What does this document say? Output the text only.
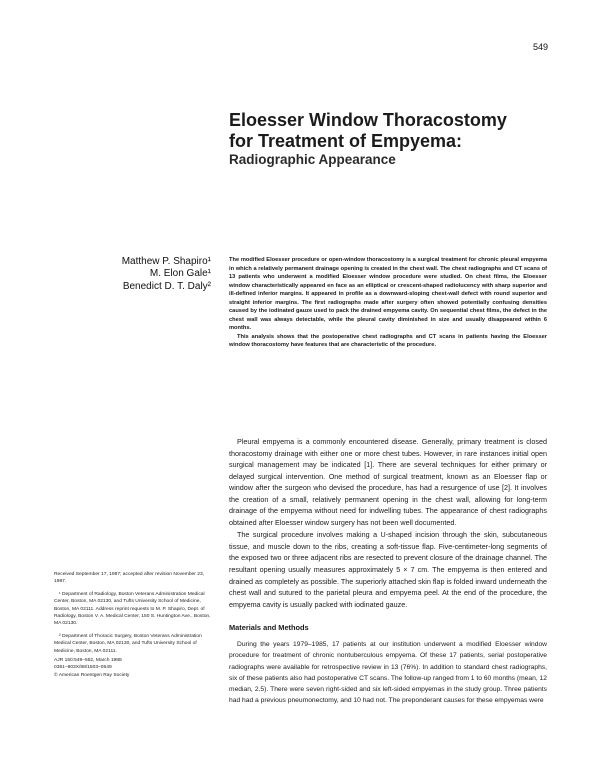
549
Eloesser Window Thoracostomy
for Treatment of Empyema:
Radiographic Appearance
Matthew P. Shapiro¹
M. Elon Gale¹
Benedict D. T. Daly²

The modified Eloesser procedure or open-window thoracostomy is a surgical treatment for chronic pleural empyema in which a relatively permanent drainage opening is created in the chest wall. The chest radiographs and CT scans of 13 patients who underwent a modified Eloesser window procedure were studied. On chest films, the Eloesser window characteristically appeared en face as an elliptical or crescent-shaped radiolucency with sharp superior and ill-defined inferior margins. It appeared in profile as a downward-sloping chest-wall defect with round superior and straight inferior margins. The first radiographs made after surgery often showed potentially confusing densities caused by the iodinated gauze used to pack the drained empyema cavity. On sequential chest films, the defect in the chest wall was always detectable, while the pleural cavity diminished in size and usually disappeared within 6 months.

This analysis shows that the postoperative chest radiographs and CT scans in patients having the Eloesser window thoracostomy have features that are characteristic of the procedure.

Pleural empyema is a commonly encountered disease. Generally, primary treatment is closed thoracostomy drainage with either one or more chest tubes. However, in rare instances initial open surgical management may be indicated [1]. There are several techniques for either primary or delayed surgical intervention. One method of surgical treatment, known as an Eloesser flap or window after the surgeon who devised the procedure, has had a resurgence of use [2]. It involves the creation of a small, relatively permanent opening in the chest wall, allowing for long-term drainage of the empyema without need for indwelling tubes. The appearance of chest radiographs obtained after Eloesser window surgery has not been well documented.

The surgical procedure involves making a U-shaped incision through the skin, subcutaneous tissue, and muscle down to the ribs, creating a soft-tissue flap. Five-centimeter-long segments of the exposed two or three adjacent ribs are resected to prevent closure of the drainage channel. The resultant opening usually measures approximately 5 × 7 cm. The empyema is then entered and drained as completely as possible. The superiorly attached skin flap is folded inward underneath the chest wall and sutured to the parietal pleura and empyema peel. At the end of the procedure, the empyema cavity is usually packed with iodinated gauze.

Materials and Methods

During the years 1979–1985, 17 patients at our institution underwent a modified Eloesser window procedure for treatment of chronic nontuberculous empyema. Of these 17 patients, serial postoperative radiographs were available for retrospective review in 13 (76%). In addition to standard chest radiographs, six of these patients also had postoperative CT scans. The follow-up ranged from 1 to 60 months (mean, 12 median, 2.5). There were seven right-sided and six left-sided empyemas in the study group. Three patients had had a previous pneumonectomy, and 10 had not. The preponderant causes for these empyemas were

Received September 17, 1987; accepted after revision November 23, 1987.

¹ Department of Radiology, Boston Veterans Administration Medical Center, Boston, MA 02130, and Tufts University School of Medicine, Boston, MA 02111. Address reprint requests to M. P. Shapiro, Dept. of Radiology, Boston V. A. Medical Center, 150 S. Huntington Ave., Boston, MA 02130.

² Department of Thoracic Surgery, Boston Veterans Administration Medical Center, Boston, MA 02130, and Tufts University School of Medicine, Boston, MA 02111.

AJR 150:549–552, March 1988

0361–803X/88/1503–0549

© American Roentgen Ray Society
